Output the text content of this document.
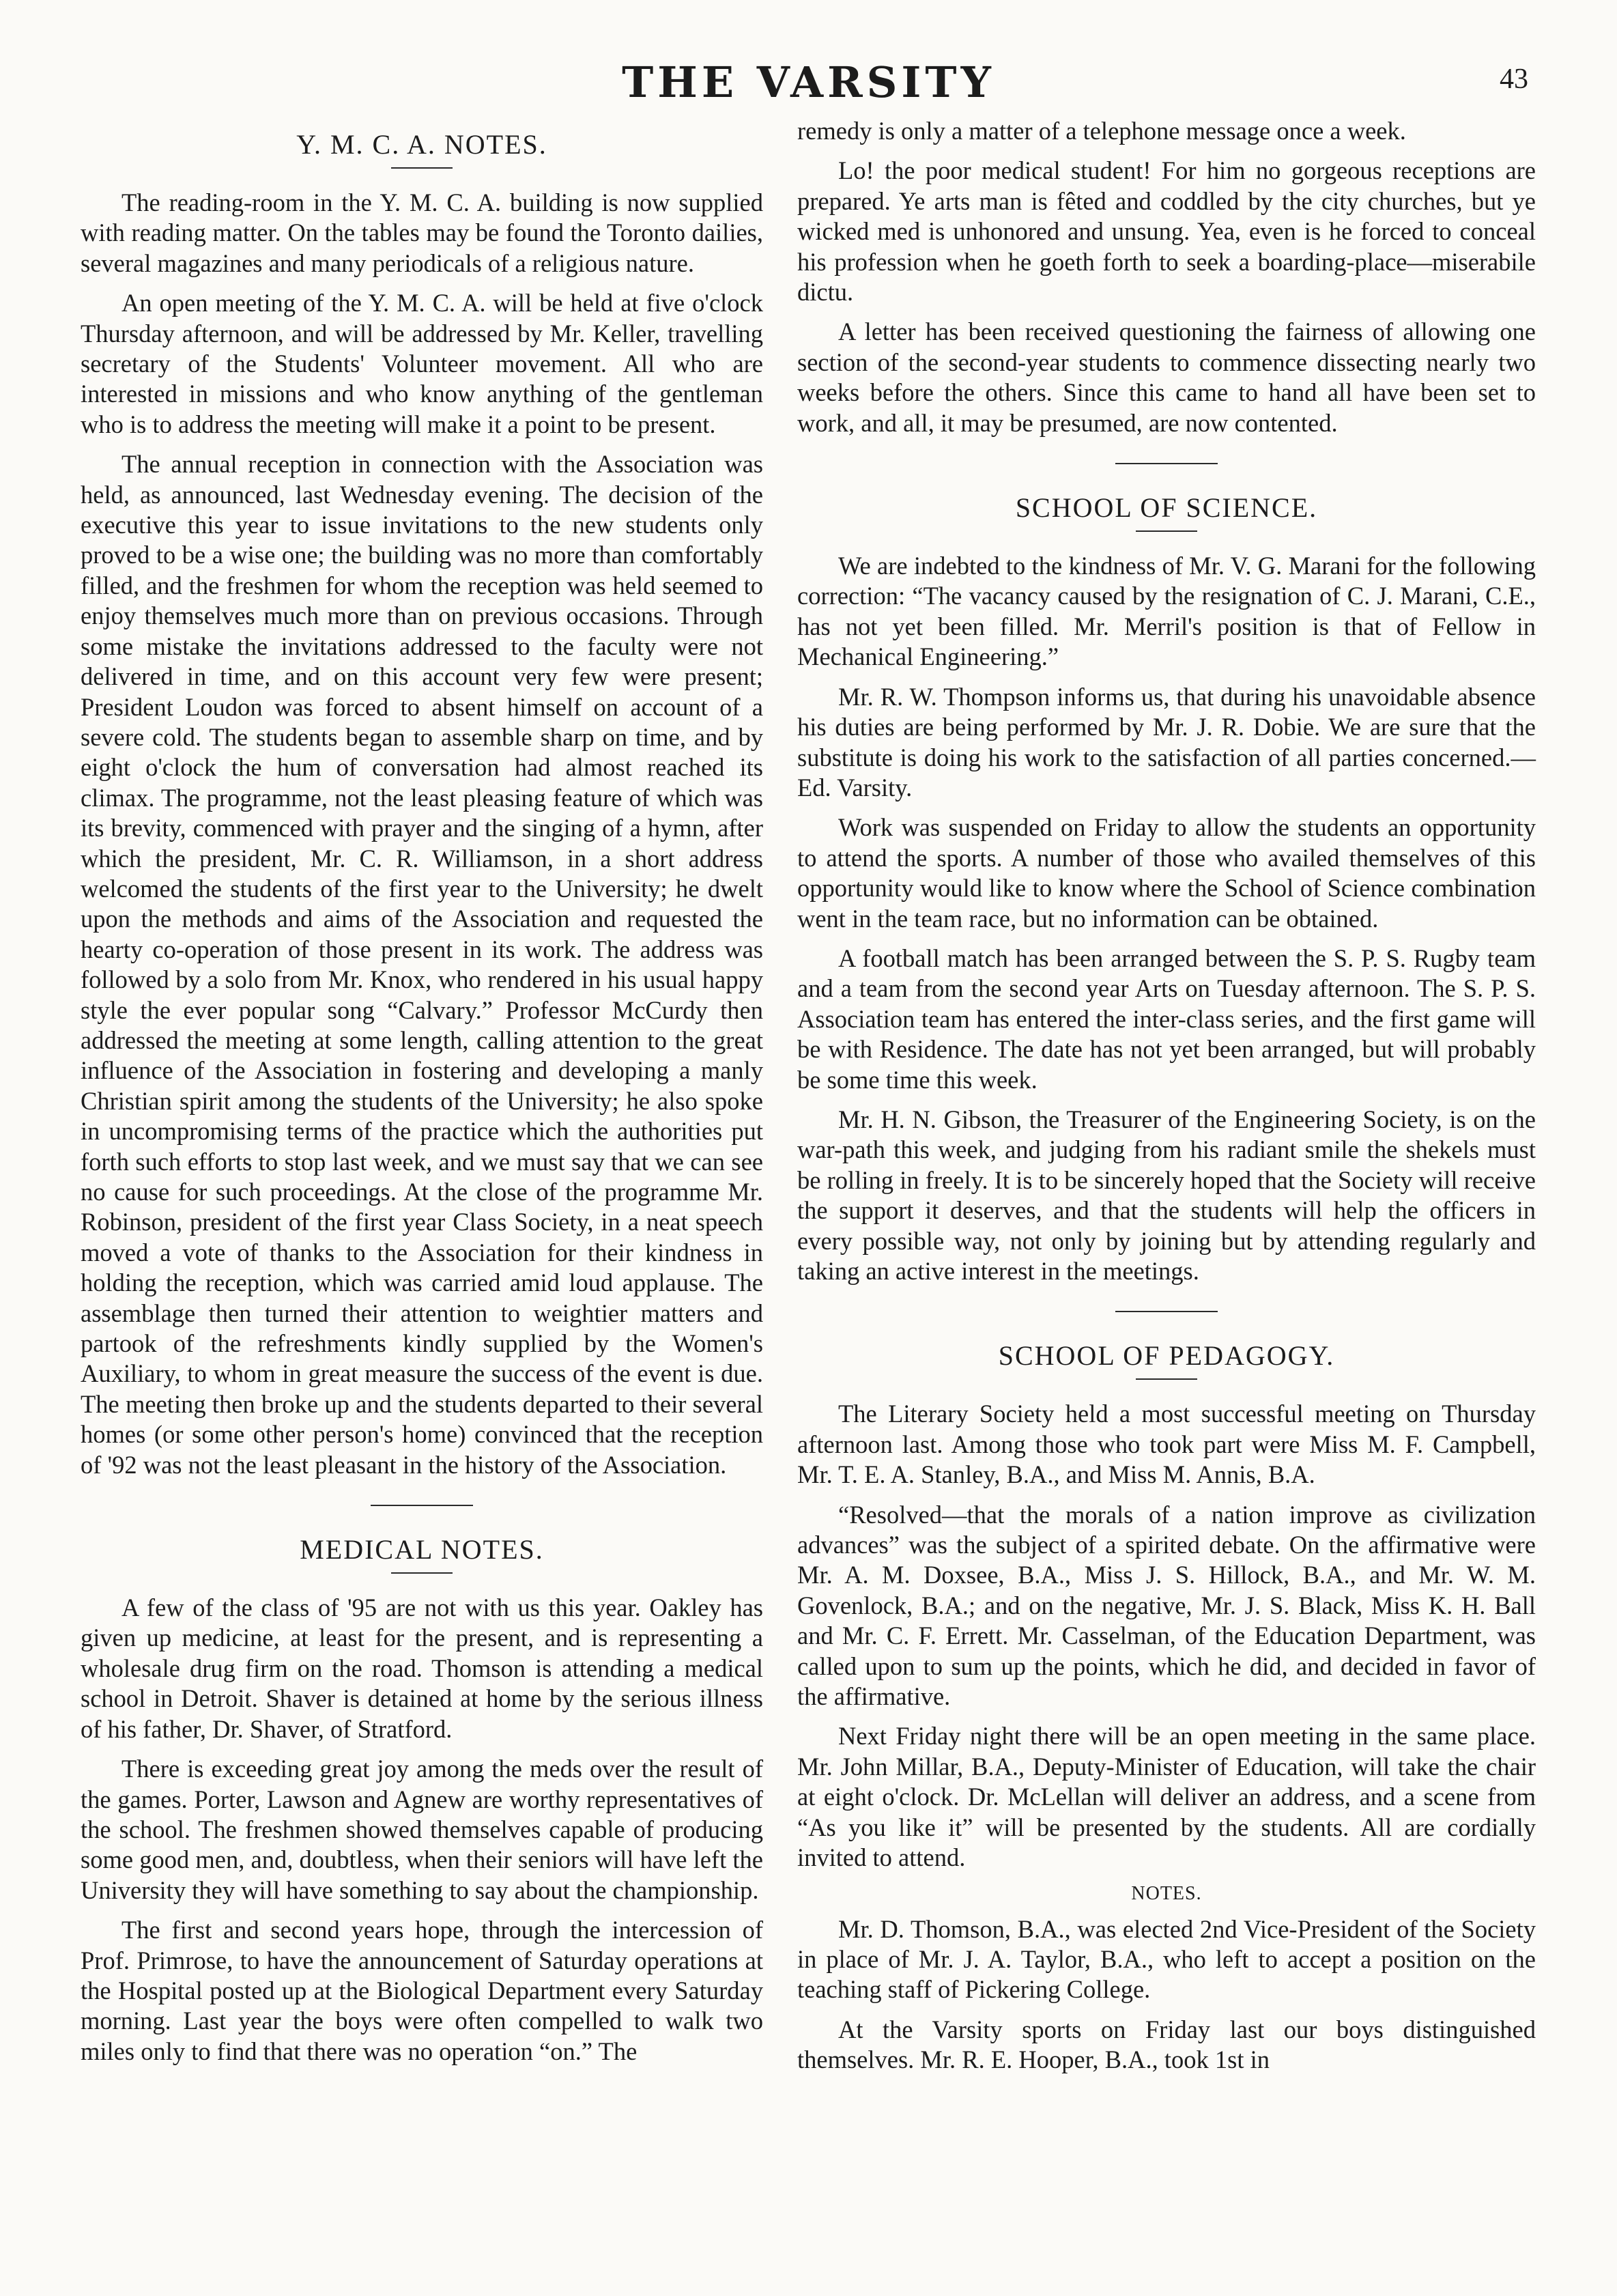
THE VARSITY	43
Y. M. C. A. NOTES.

The reading-room in the Y. M. C. A. building is now supplied with reading matter. On the tables may be found the Toronto dailies, several magazines and many periodicals of a religious nature.

An open meeting of the Y. M. C. A. will be held at five o'clock Thursday afternoon, and will be addressed by Mr. Keller, travelling secretary of the Students' Volunteer movement. All who are interested in missions and who know anything of the gentleman who is to address the meeting will make it a point to be present.

The annual reception in connection with the Association was held, as announced, last Wednesday evening. The decision of the executive this year to issue invitations to the new students only proved to be a wise one; the building was no more than comfortably filled, and the freshmen for whom the reception was held seemed to enjoy themselves much more than on previous occasions. Through some mistake the invitations addressed to the faculty were not delivered in time, and on this account very few were present; President Loudon was forced to absent himself on account of a severe cold. The students began to assemble sharp on time, and by eight o'clock the hum of conversation had almost reached its climax. The programme, not the least pleasing feature of which was its brevity, commenced with prayer and the singing of a hymn, after which the president, Mr. C. R. Williamson, in a short address welcomed the students of the first year to the University; he dwelt upon the methods and aims of the Association and requested the hearty co-operation of those present in its work. The address was followed by a solo from Mr. Knox, who rendered in his usual happy style the ever popular song “Calvary.” Professor McCurdy then addressed the meeting at some length, calling attention to the great influence of the Association in fostering and developing a manly Christian spirit among the students of the University; he also spoke in uncompromising terms of the practice which the authorities put forth such efforts to stop last week, and we must say that we can see no cause for such proceedings. At the close of the programme Mr. Robinson, president of the first year Class Society, in a neat speech moved a vote of thanks to the Association for their kindness in holding the reception, which was carried amid loud applause. The assemblage then turned their attention to weightier matters and partook of the refreshments kindly supplied by the Women's Auxiliary, to whom in great measure the success of the event is due. The meeting then broke up and the students departed to their several homes (or some other person's home) convinced that the reception of '92 was not the least pleasant in the history of the Association.

MEDICAL NOTES.

A few of the class of '95 are not with us this year. Oakley has given up medicine, at least for the present, and is representing a wholesale drug firm on the road. Thomson is attending a medical school in Detroit. Shaver is detained at home by the serious illness of his father, Dr. Shaver, of Stratford.

There is exceeding great joy among the meds over the result of the games. Porter, Lawson and Agnew are worthy representatives of the school. The freshmen showed themselves capable of producing some good men, and, doubtless, when their seniors will have left the University they will have something to say about the championship.

The first and second years hope, through the intercession of Prof. Primrose, to have the announcement of Saturday operations at the Hospital posted up at the Biological Department every Saturday morning. Last year the boys were often compelled to walk two miles only to find that there was no operation “on.” The

remedy is only a matter of a telephone message once a week.

Lo! the poor medical student! For him no gorgeous receptions are prepared. Ye arts man is fêted and coddled by the city churches, but ye wicked med is unhonored and unsung. Yea, even is he forced to conceal his profession when he goeth forth to seek a boarding-place—miserabile dictu.

A letter has been received questioning the fairness of allowing one section of the second-year students to commence dissecting nearly two weeks before the others. Since this came to hand all have been set to work, and all, it may be presumed, are now contented.

SCHOOL OF SCIENCE.

We are indebted to the kindness of Mr. V. G. Marani for the following correction: “The vacancy caused by the resignation of C. J. Marani, C.E., has not yet been filled. Mr. Merril's position is that of Fellow in Mechanical Engineering.”

Mr. R. W. Thompson informs us, that during his unavoidable absence his duties are being performed by Mr. J. R. Dobie. We are sure that the substitute is doing his work to the satisfaction of all parties concerned.—Ed. Varsity.

Work was suspended on Friday to allow the students an opportunity to attend the sports. A number of those who availed themselves of this opportunity would like to know where the School of Science combination went in the team race, but no information can be obtained.

A football match has been arranged between the S. P. S. Rugby team and a team from the second year Arts on Tuesday afternoon. The S. P. S. Association team has entered the inter-class series, and the first game will be with Residence. The date has not yet been arranged, but will probably be some time this week.

Mr. H. N. Gibson, the Treasurer of the Engineering Society, is on the war-path this week, and judging from his radiant smile the shekels must be rolling in freely. It is to be sincerely hoped that the Society will receive the support it deserves, and that the students will help the officers in every possible way, not only by joining but by attending regularly and taking an active interest in the meetings.

SCHOOL OF PEDAGOGY.

The Literary Society held a most successful meeting on Thursday afternoon last. Among those who took part were Miss M. F. Campbell, Mr. T. E. A. Stanley, B.A., and Miss M. Annis, B.A.

“Resolved—that the morals of a nation improve as civilization advances” was the subject of a spirited debate. On the affirmative were Mr. A. M. Doxsee, B.A., Miss J. S. Hillock, B.A., and Mr. W. M. Govenlock, B.A.; and on the negative, Mr. J. S. Black, Miss K. H. Ball and Mr. C. F. Errett. Mr. Casselman, of the Education Department, was called upon to sum up the points, which he did, and decided in favor of the affirmative.

Next Friday night there will be an open meeting in the same place. Mr. John Millar, B.A., Deputy-Minister of Education, will take the chair at eight o'clock. Dr. McLellan will deliver an address, and a scene from “As you like it” will be presented by the students. All are cordially invited to attend.

NOTES.

Mr. D. Thomson, B.A., was elected 2nd Vice-President of the Society in place of Mr. J. A. Taylor, B.A., who left to accept a position on the teaching staff of Pickering College.

At the Varsity sports on Friday last our boys distinguished themselves. Mr. R. E. Hooper, B.A., took 1st in
